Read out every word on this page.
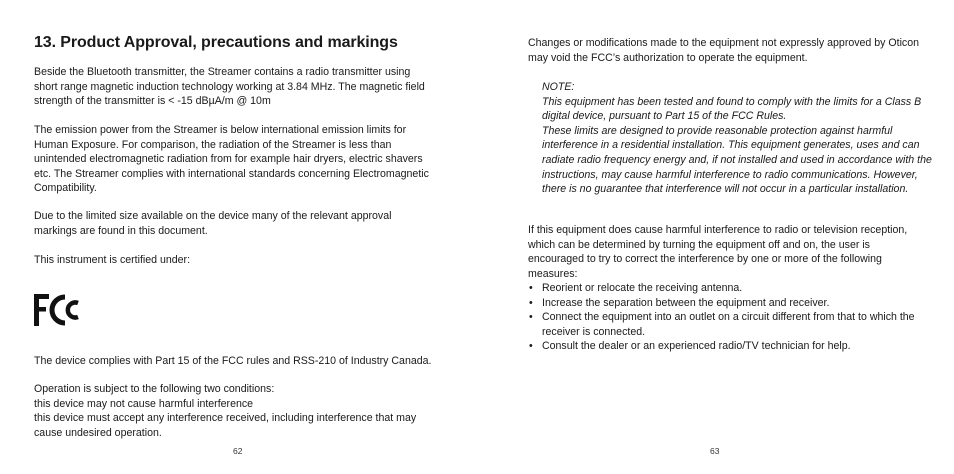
13. Product Approval, precautions and markings

Beside the Bluetooth transmitter, the Streamer contains a radio transmitter using short range magnetic induction technology working at 3.84 MHz. The magnetic field strength of the transmitter is < -15 dBµA/m @ 10m

The emission power from the Streamer is below international emission limits for Human Exposure. For comparison, the radiation of the Streamer is less than unintended electromagnetic radiation from for example hair dryers, electric shavers etc. The Streamer complies with international standards concerning Electromagnetic Compatibility.

Due to the limited size available on the device many of the relevant approval markings are found in this document.

This instrument is certified under:

The device complies with Part 15 of the FCC rules and RSS-210 of Industry Canada.

Operation is subject to the following two conditions:

this device may not cause harmful interference

this device must accept any interference received, including interference that may cause undesired operation.

62

Changes or modifications made to the equipment not expressly approved by Oticon may void the FCC’s authorization to operate the equipment.

NOTE:
This equipment has been tested and found to comply with the limits for a Class B digital device, pursuant to Part 15 of the FCC Rules.
These limits are designed to provide reasonable protection against harmful interference in a residential installation. This equipment generates, uses and can radiate radio frequency energy and, if not installed and used in accordance with the instructions, may cause harmful interference to radio communications. However, there is no guarantee that interference will not occur in a particular installation.

If this equipment does cause harmful interference to radio or television reception, which can be determined by turning the equipment off and on, the user is encouraged to try to correct the interference by one or more of the following measures:

• Reorient or relocate the receiving antenna.
• Increase the separation between the equipment and receiver.
• Connect the equipment into an outlet on a circuit different from that to which the receiver is connected.
• Consult the dealer or an experienced radio/TV technician for help.
63
